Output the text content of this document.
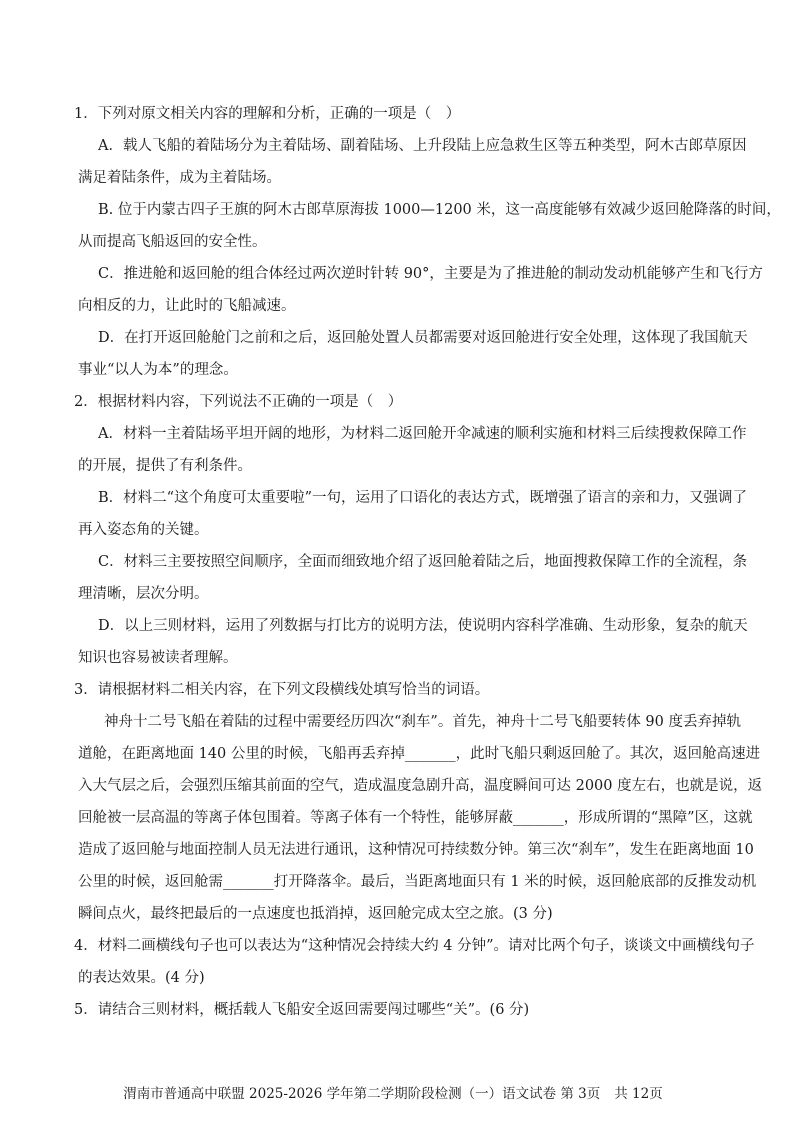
1．下列对原文相关内容的理解和分析，正确的一项是（　）
A．载人飞船的着陆场分为主着陆场、副着陆场、上升段陆上应急救生区等五种类型，阿木古郎草原因
满足着陆条件，成为主着陆场。
B. 位于内蒙古四子王旗的阿木古郎草原海拔 1000—1200 米，这一高度能够有效减少返回舱降落的时间，
从而提高飞船返回的安全性。
C．推进舱和返回舱的组合体经过两次逆时针转 90°，主要是为了推进舱的制动发动机能够产生和飞行方
向相反的力，让此时的飞船减速。
D．在打开返回舱舱门之前和之后，返回舱处置人员都需要对返回舱进行安全处理，这体现了我国航天
事业“以人为本”的理念。
2．根据材料内容，下列说法不正确的一项是（　）
A．材料一主着陆场平坦开阔的地形，为材料二返回舱开伞减速的顺利实施和材料三后续搜救保障工作
的开展，提供了有利条件。
B．材料二“这个角度可太重要啦”一句，运用了口语化的表达方式，既增强了语言的亲和力，又强调了
再入姿态角的关键。
C．材料三主要按照空间顺序，全面而细致地介绍了返回舱着陆之后，地面搜救保障工作的全流程，条
理清晰，层次分明。
D．以上三则材料，运用了列数据与打比方的说明方法，使说明内容科学准确、生动形象，复杂的航天
知识也容易被读者理解。
3．请根据材料二相关内容，在下列文段横线处填写恰当的词语。
神舟十二号飞船在着陆的过程中需要经历四次“刹车”。首先，神舟十二号飞船要转体 90 度丢弃掉轨
道舱，在距离地面 140 公里的时候，飞船再丢弃掉_______，此时飞船只剩返回舱了。其次，返回舱高速进
入大气层之后，会强烈压缩其前面的空气，造成温度急剧升高，温度瞬间可达 2000 度左右，也就是说，返
回舱被一层高温的等离子体包围着。等离子体有一个特性，能够屏蔽_______，形成所谓的“黑障”区，这就
造成了返回舱与地面控制人员无法进行通讯，这种情况可持续数分钟。第三次“刹车”，发生在距离地面 10
公里的时候，返回舱需_______打开降落伞。最后，当距离地面只有 1 米的时候，返回舱底部的反推发动机
瞬间点火，最终把最后的一点速度也抵消掉，返回舱完成太空之旅。(3 分)
4．材料二画横线句子也可以表达为“这种情况会持续大约 4 分钟”。请对比两个句子，谈谈文中画横线句子
的表达效果。(4 分)
5．请结合三则材料，概括载人飞船安全返回需要闯过哪些“关”。(6 分)
渭南市普通高中联盟 2025-2026 学年第二学期阶段检测（一）语文试卷 第 3页 共 12页
